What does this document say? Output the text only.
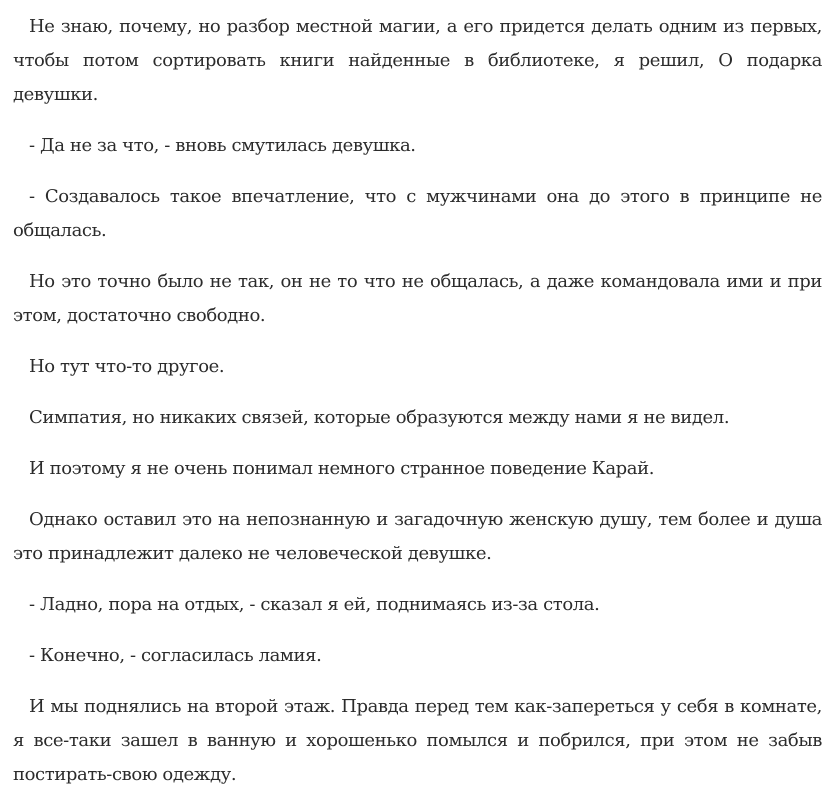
Не знаю, почему, но разбор местной магии, а его придется делать одним из первых, чтобы потом сортировать книги найденные в библиотеке, я решил, О подарка девушки.

- Да не за что, - вновь смутилась девушка.

- Создавалось такое впечатление, что с мужчинами она до этого в принципе не общалась.

Но это точно было не так, он не то что не общалась, а даже командовала ими и при этом, достаточно свободно.

Но тут что-то другое.

Симпатия, но никаких связей, которые образуются между нами я не видел.

И поэтому я не очень понимал немного странное поведение Карай.

Однако оставил это на непознанную и загадочную женскую душу, тем более и душа это принадлежит далеко не человеческой девушке.

- Ладно, пора на отдых, - сказал я ей, поднимаясь из-за стола.

- Конечно, - согласилась ламия.

И мы поднялись на второй этаж. Правда перед тем как-запереться у себя в комнате, я все-таки зашел в ванную и хорошенько помылся и побрился, при этом не забыв постирать-свою одежду.
